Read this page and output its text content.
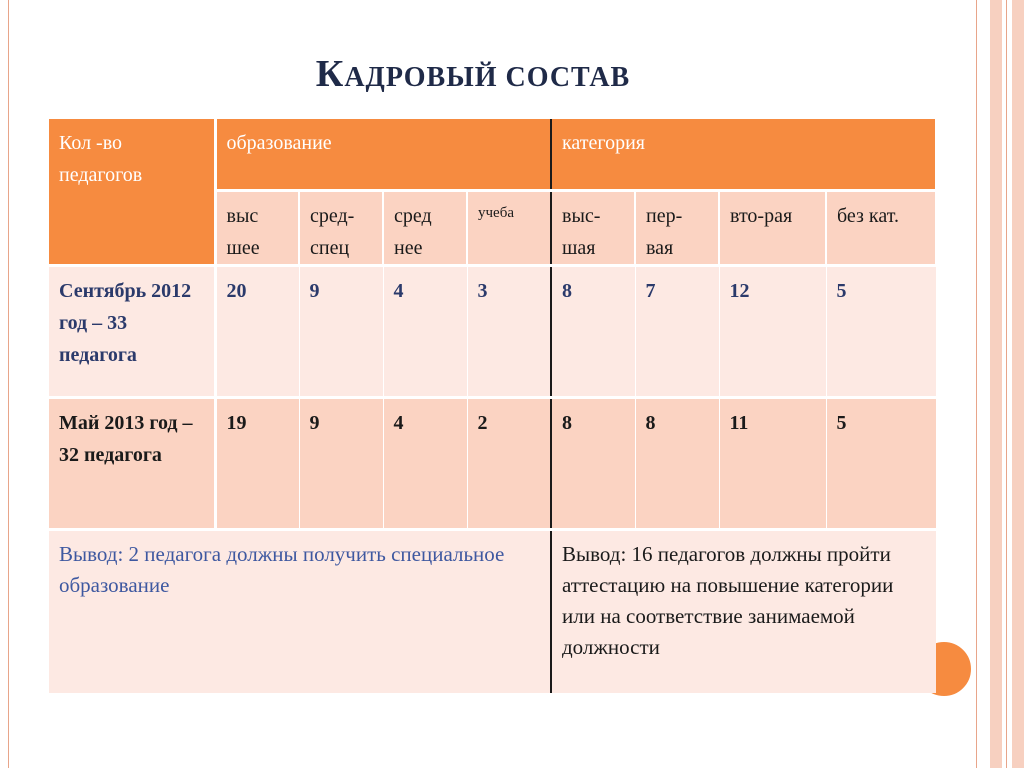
КАДРОВЫЙ СОСТАВ
Кол -во педагогов	образование				категория			
	выс шее	сред-спец	сред нее	учеба	выс-шая	пер-вая	вто-рая	без кат.
Сентябрь 2012 год – 33 педагога	20	9	4	3	8	7	12	5
Май 2013 год – 32 педагога	19	9	4	2	8	8	11	5
Вывод: 2 педагога должны получить специальное образование					Вывод: 16 педагогов должны пройти аттестацию на повышение категории или на соответствие занимаемой должности			
